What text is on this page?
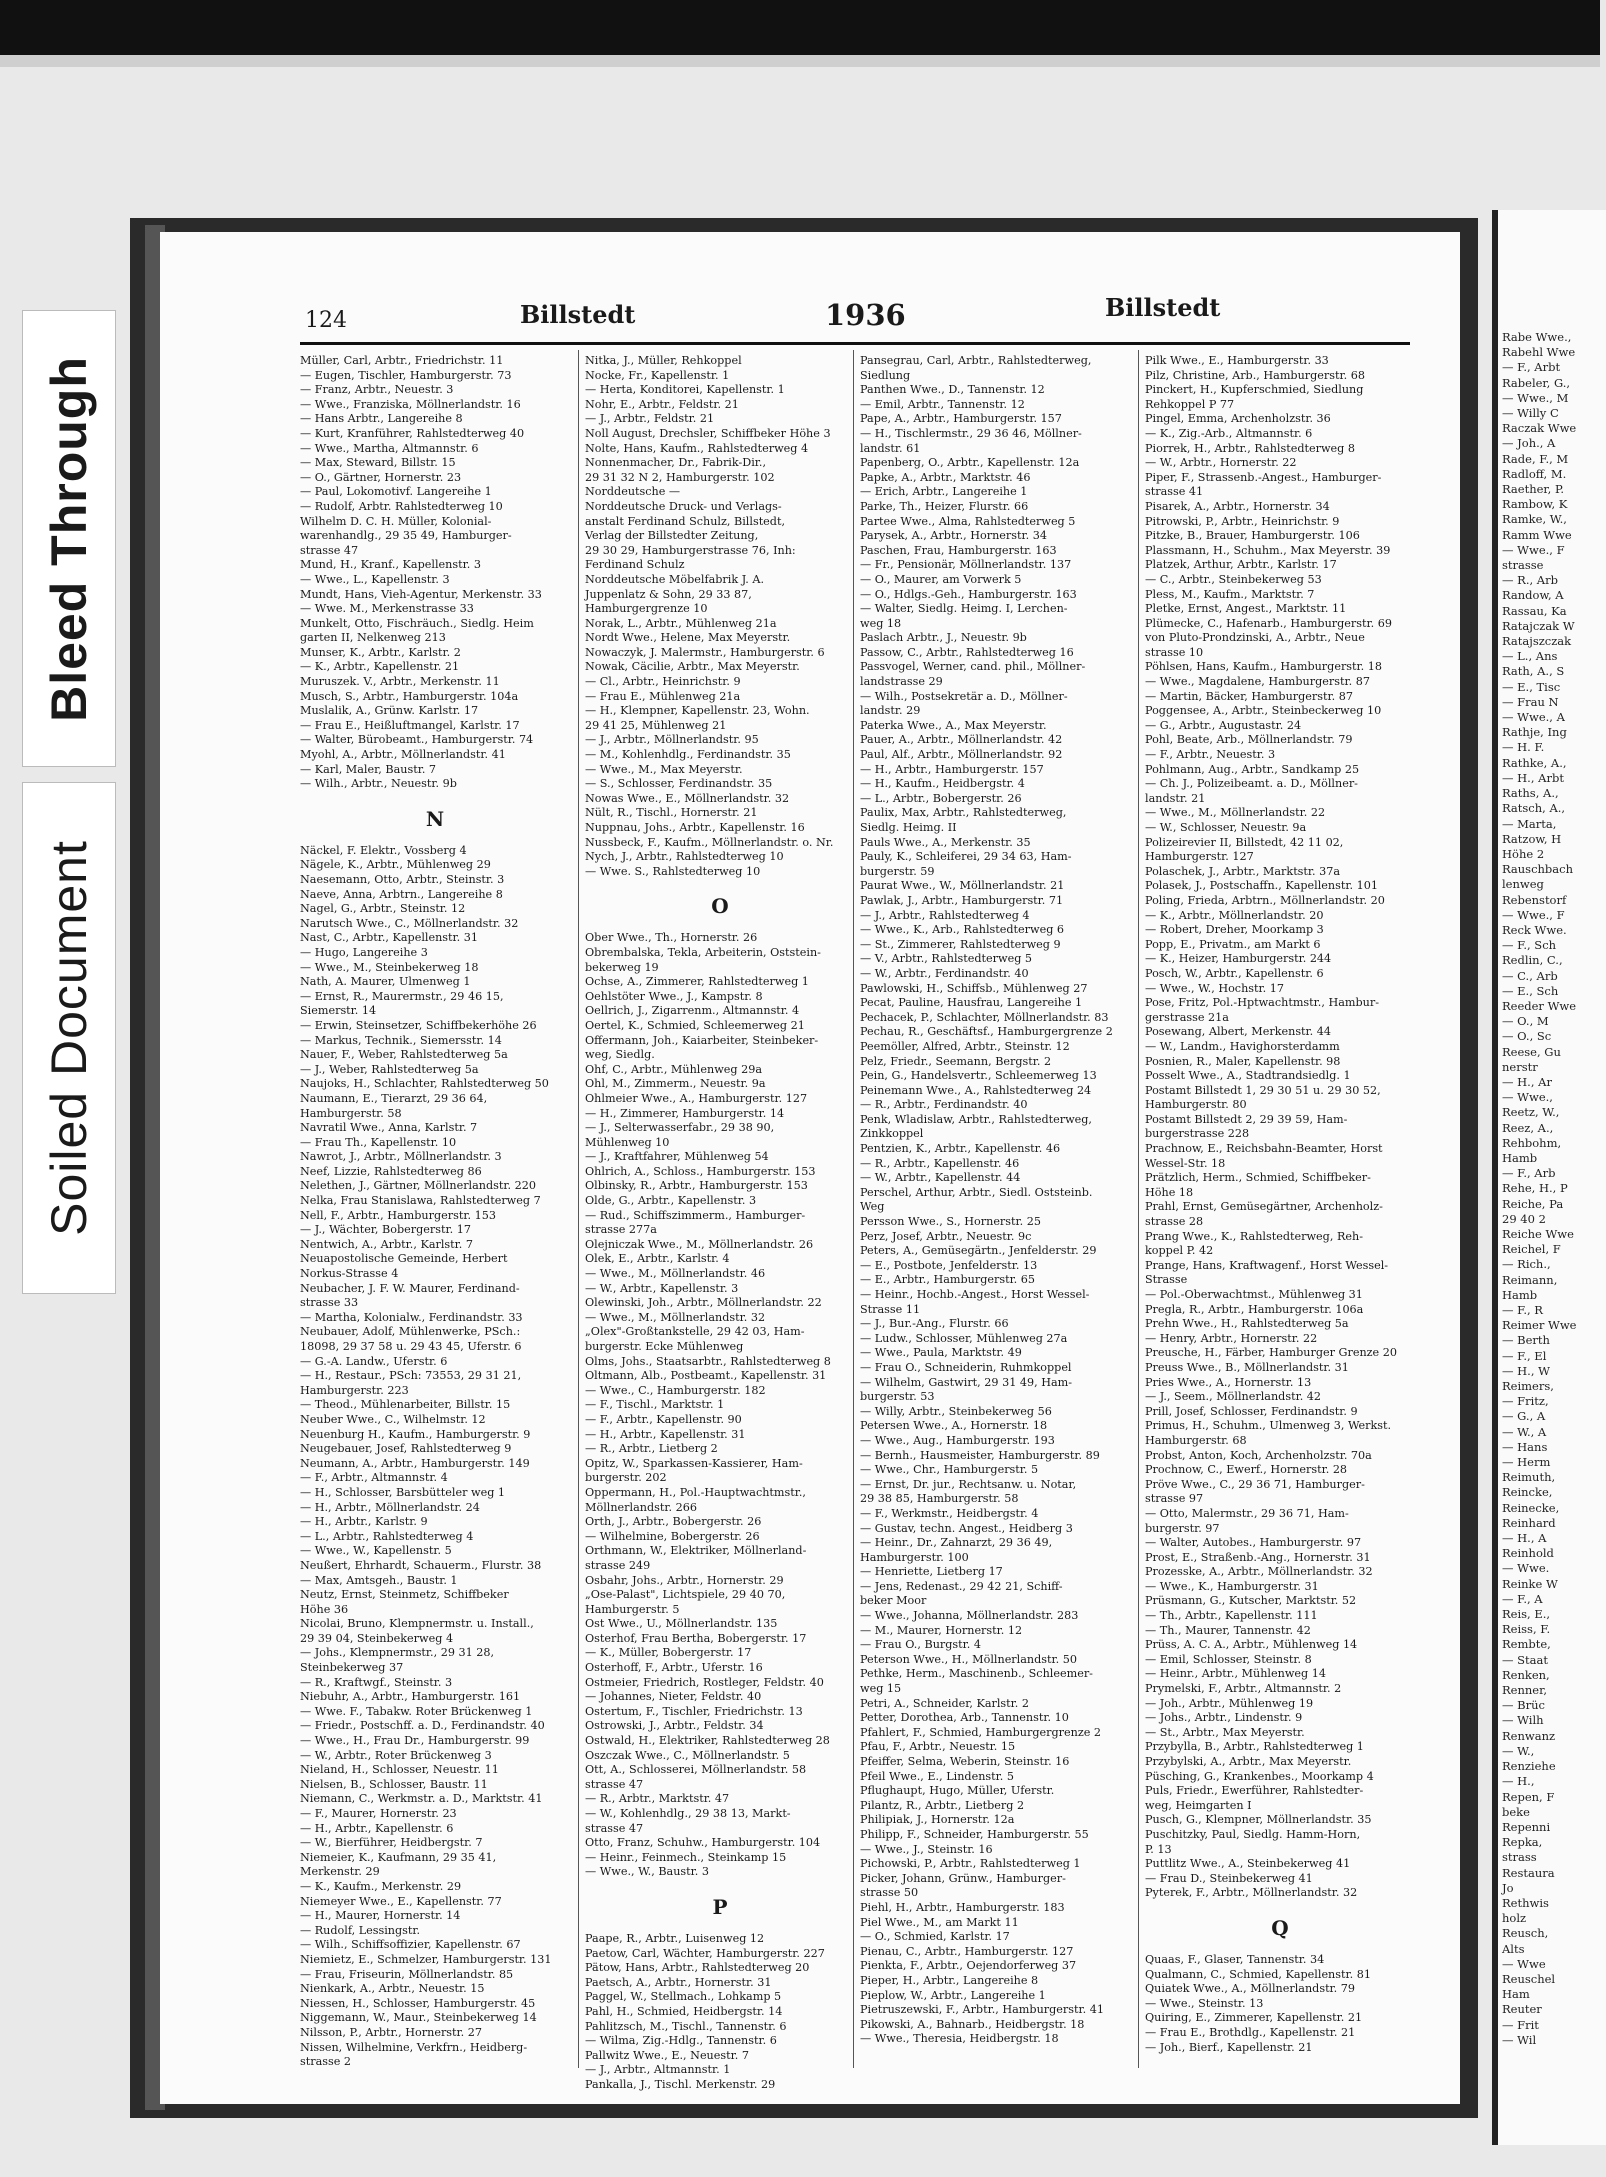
Bleed Through
Soiled Document
124	Billstedt	1936	Billstedt
Müller, Carl, Arbtr., Friedrichstr. 11
— Eugen, Tischler, Hamburgerstr. 73
— Franz, Arbtr., Neuestr. 3
— Wwe., Franziska, Möllnerlandstr. 16
— Hans Arbtr., Langereihe 8
— Kurt, Kranführer, Rahlstedterweg 40
— Wwe., Martha, Altmannstr. 6
— Max, Steward, Billstr. 15
— O., Gärtner, Hornerstr. 23
— Paul, Lokomotivf. Langereihe 1
— Rudolf, Arbtr. Rahlstedterweg 10
Wilhelm D. C. H. Müller, Kolonial-
warenhandlg., 29 35 49, Hamburger-
strasse 47
Mund, H., Kranf., Kapellenstr. 3
— Wwe., L., Kapellenstr. 3
Mundt, Hans, Vieh-Agentur, Merkenstr. 33
— Wwe. M., Merkenstrasse 33
Munkelt, Otto, Fischräuch., Siedlg. Heim
garten II, Nelkenweg 213
Munser, K., Arbtr., Karlstr. 2
— K., Arbtr., Kapellenstr. 21
Muruszek. V., Arbtr., Merkenstr. 11
Musch, S., Arbtr., Hamburgerstr. 104a
Muslalik, A., Grünw. Karlstr. 17
— Frau E., Heißluftmangel, Karlstr. 17
— Walter, Bürobeamt., Hamburgerstr. 74
Myohl, A., Arbtr., Möllnerlandstr. 41
— Karl, Maler, Baustr. 7
— Wilh., Arbtr., Neuestr. 9b
N
Näckel, F. Elektr., Vossberg 4
Nägele, K., Arbtr., Mühlenweg 29
Naesemann, Otto, Arbtr., Steinstr. 3
Naeve, Anna, Arbtrn., Langereihe 8
Nagel, G., Arbtr., Steinstr. 12
Narutsch Wwe., C., Möllnerlandstr. 32
Nast, C., Arbtr., Kapellenstr. 31
— Hugo, Langereihe 3
— Wwe., M., Steinbekerweg 18
Nath, A. Maurer, Ulmenweg 1
— Ernst, R., Maurermstr., 29 46 15,
Siemerstr. 14
— Erwin, Steinsetzer, Schiffbekerhöhe 26
— Markus, Technik., Siemersstr. 14
Nauer, F., Weber, Rahlstedterweg 5a
— J., Weber, Rahlstedterweg 5a
Naujoks, H., Schlachter, Rahlstedterweg 50
Naumann, E., Tierarzt, 29 36 64,
Hamburgerstr. 58
Navratil Wwe., Anna, Karlstr. 7
— Frau Th., Kapellenstr. 10
Nawrot, J., Arbtr., Möllnerlandstr. 3
Neef, Lizzie, Rahlstedterweg 86
Nelethen, J., Gärtner, Möllnerlandstr. 220
Nelka, Frau Stanislawa, Rahlstedterweg 7
Nell, F., Arbtr., Hamburgerstr. 153
— J., Wächter, Bobergerstr. 17
Nentwich, A., Arbtr., Karlstr. 7
Neuapostolische Gemeinde, Herbert
Norkus-Strasse 4
Neubacher, J. F. W. Maurer, Ferdinand-
strasse 33
— Martha, Kolonialw., Ferdinandstr. 33
Neubauer, Adolf, Mühlenwerke, PSch.:
18098, 29 37 58 u. 29 43 45, Uferstr. 6
— G.-A. Landw., Uferstr. 6
— H., Restaur., PSch: 73553, 29 31 21,
Hamburgerstr. 223
— Theod., Mühlenarbeiter, Billstr. 15
Neuber Wwe., C., Wilhelmstr. 12
Neuenburg H., Kaufm., Hamburgerstr. 9
Neugebauer, Josef, Rahlstedterweg 9
Neumann, A., Arbtr., Hamburgerstr. 149
— F., Arbtr., Altmannstr. 4
— H., Schlosser, Barsbütteler weg 1
— H., Arbtr., Möllnerlandstr. 24
— H., Arbtr., Karlstr. 9
— L., Arbtr., Rahlstedterweg 4
— Wwe., W., Kapellenstr. 5
Neußert, Ehrhardt, Schauerm., Flurstr. 38
— Max, Amtsgeh., Baustr. 1
Neutz, Ernst, Steinmetz, Schiffbeker
Höhe 36
Nicolai, Bruno, Klempnermstr. u. Install.,
29 39 04, Steinbekerweg 4
— Johs., Klempnermstr., 29 31 28,
Steinbekerweg 37
— R., Kraftwgf., Steinstr. 3
Niebuhr, A., Arbtr., Hamburgerstr. 161
— Wwe. F., Tabakw. Roter Brückenweg 1
— Friedr., Postschff. a. D., Ferdinandstr. 40
— Wwe., H., Frau Dr., Hamburgerstr. 99
— W., Arbtr., Roter Brückenweg 3
Nieland, H., Schlosser, Neuestr. 11
Nielsen, B., Schlosser, Baustr. 11
Niemann, C., Werkmstr. a. D., Marktstr. 41
— F., Maurer, Hornerstr. 23
— H., Arbtr., Kapellenstr. 6
— W., Bierführer, Heidbergstr. 7
Niemeier, K., Kaufmann, 29 35 41,
Merkenstr. 29
— K., Kaufm., Merkenstr. 29
Niemeyer Wwe., E., Kapellenstr. 77
— H., Maurer, Hornerstr. 14
— Rudolf, Lessingstr.
— Wilh., Schiffsoffizier, Kapellenstr. 67
Niemietz, E., Schmelzer, Hamburgerstr. 131
— Frau, Friseurin, Möllnerlandstr. 85
Nienkark, A., Arbtr., Neuestr. 15
Niessen, H., Schlosser, Hamburgerstr. 45
Niggemann, W., Maur., Steinbekerweg 14
Nilsson, P., Arbtr., Hornerstr. 27
Nissen, Wilhelmine, Verkfrn., Heidberg-
strasse 2
Nitka, J., Müller, Rehkoppel
Nocke, Fr., Kapellenstr. 1
— Herta, Konditorei, Kapellenstr. 1
Nohr, E., Arbtr., Feldstr. 21
— J., Arbtr., Feldstr. 21
Noll August, Drechsler, Schiffbeker Höhe 3
Nolte, Hans, Kaufm., Rahlstedterweg 4
Nonnenmacher, Dr., Fabrik-Dir.,
29 31 32 N 2, Hamburgerstr. 102
Norddeutsche —
Norddeutsche Druck- und Verlags-
anstalt Ferdinand Schulz, Billstedt,
Verlag der Billstedter Zeitung,
29 30 29, Hamburgerstrasse 76, Inh:
Ferdinand Schulz
Norddeutsche Möbelfabrik J. A.
Juppenlatz & Sohn, 29 33 87,
Hamburgergrenze 10
Norak, L., Arbtr., Mühlenweg 21a
Nordt Wwe., Helene, Max Meyerstr.
Nowaczyk, J. Malermstr., Hamburgerstr. 6
Nowak, Cäcilie, Arbtr., Max Meyerstr.
— Cl., Arbtr., Heinrichstr. 9
— Frau E., Mühlenweg 21a
— H., Klempner, Kapellenstr. 23, Wohn.
29 41 25, Mühlenweg 21
— J., Arbtr., Möllnerlandstr. 95
— M., Kohlenhdlg., Ferdinandstr. 35
— Wwe., M., Max Meyerstr.
— S., Schlosser, Ferdinandstr. 35
Nowas Wwe., E., Möllnerlandstr. 32
Nült, R., Tischl., Hornerstr. 21
Nuppnau, Johs., Arbtr., Kapellenstr. 16
Nussbeck, F., Kaufm., Möllnerlandstr. o. Nr.
Nych, J., Arbtr., Rahlstedterweg 10
— Wwe. S., Rahlstedterweg 10
O
Ober Wwe., Th., Hornerstr. 26
Obrembalska, Tekla, Arbeiterin, Oststein-
bekerweg 19
Ochse, A., Zimmerer, Rahlstedterweg 1
Oehlstöter Wwe., J., Kampstr. 8
Oellrich, J., Zigarrenm., Altmannstr. 4
Oertel, K., Schmied, Schleemerweg 21
Offermann, Joh., Kaiarbeiter, Steinbeker-
weg, Siedlg.
Ohf, C., Arbtr., Mühlenweg 29a
Ohl, M., Zimmerm., Neuestr. 9a
Ohlmeier Wwe., A., Hamburgerstr. 127
— H., Zimmerer, Hamburgerstr. 14
— J., Selterwasserfabr., 29 38 90,
Mühlenweg 10
— J., Kraftfahrer, Mühlenweg 54
Ohlrich, A., Schloss., Hamburgerstr. 153
Olbinsky, R., Arbtr., Hamburgerstr. 153
Olde, G., Arbtr., Kapellenstr. 3
— Rud., Schiffszimmerm., Hamburger-
strasse 277a
Olejniczak Wwe., M., Möllnerlandstr. 26
Olek, E., Arbtr., Karlstr. 4
— Wwe., M., Möllnerlandstr. 46
— W., Arbtr., Kapellenstr. 3
Olewinski, Joh., Arbtr., Möllnerlandstr. 22
— Wwe., M., Möllnerlandstr. 32
„Olex"-Großtankstelle, 29 42 03, Ham-
burgerstr. Ecke Mühlenweg
Olms, Johs., Staatsarbtr., Rahlstedterweg 8
Oltmann, Alb., Postbeamt., Kapellenstr. 31
— Wwe., C., Hamburgerstr. 182
— F., Tischl., Marktstr. 1
— F., Arbtr., Kapellenstr. 90
— H., Arbtr., Kapellenstr. 31
— R., Arbtr., Lietberg 2
Opitz, W., Sparkassen-Kassierer, Ham-
burgerstr. 202
Oppermann, H., Pol.-Hauptwachtmstr.,
Möllnerlandstr. 266
Orth, J., Arbtr., Bobergerstr. 26
— Wilhelmine, Bobergerstr. 26
Orthmann, W., Elektriker, Möllnerland-
strasse 249
Osbahr, Johs., Arbtr., Hornerstr. 29
„Ose-Palast", Lichtspiele, 29 40 70,
Hamburgerstr. 5
Ost Wwe., U., Möllnerlandstr. 135
Osterhof, Frau Bertha, Bobergerstr. 17
— K., Müller, Bobergerstr. 17
Osterhoff, F., Arbtr., Uferstr. 16
Ostmeier, Friedrich, Rostleger, Feldstr. 40
— Johannes, Nieter, Feldstr. 40
Ostertum, F., Tischler, Friedrichstr. 13
Ostrowski, J., Arbtr., Feldstr. 34
Ostwald, H., Elektriker, Rahlstedterweg 28
Oszczak Wwe., C., Möllnerlandstr. 5
Ott, A., Schlosserei, Möllnerlandstr. 58
strasse 47
— R., Arbtr., Marktstr. 47
— W., Kohlenhdlg., 29 38 13, Markt-
strasse 47
Otto, Franz, Schuhw., Hamburgerstr. 104
— Heinr., Feinmech., Steinkamp 15
— Wwe., W., Baustr. 3
P
Paape, R., Arbtr., Luisenweg 12
Paetow, Carl, Wächter, Hamburgerstr. 227
Pätow, Hans, Arbtr., Rahlstedterweg 20
Paetsch, A., Arbtr., Hornerstr. 31
Paggel, W., Stellmach., Lohkamp 5
Pahl, H., Schmied, Heidbergstr. 14
Pahlitzsch, M., Tischl., Tannenstr. 6
— Wilma, Zig.-Hdlg., Tannenstr. 6
Pallwitz Wwe., E., Neuestr. 7
— J., Arbtr., Altmannstr. 1
Pankalla, J., Tischl. Merkenstr. 29
Pansegrau, Carl, Arbtr., Rahlstedterweg,
Siedlung
Panthen Wwe., D., Tannenstr. 12
— Emil, Arbtr., Tannenstr. 12
Pape, A., Arbtr., Hamburgerstr. 157
— H., Tischlermstr., 29 36 46, Möllner-
landstr. 61
Papenberg, O., Arbtr., Kapellenstr. 12a
Papke, A., Arbtr., Marktstr. 46
— Erich, Arbtr., Langereihe 1
Parke, Th., Heizer, Flurstr. 66
Partee Wwe., Alma, Rahlstedterweg 5
Parysek, A., Arbtr., Hornerstr. 34
Paschen, Frau, Hamburgerstr. 163
— Fr., Pensionär, Möllnerlandstr. 137
— O., Maurer, am Vorwerk 5
— O., Hdlgs.-Geh., Hamburgerstr. 163
— Walter, Siedlg. Heimg. I, Lerchen-
weg 18
Paslach Arbtr., J., Neuestr. 9b
Passow, C., Arbtr., Rahlstedterweg 16
Passvogel, Werner, cand. phil., Möllner-
landstrasse 29
— Wilh., Postsekretär a. D., Möllner-
landstr. 29
Paterka Wwe., A., Max Meyerstr.
Pauer, A., Arbtr., Möllnerlandstr. 42
Paul, Alf., Arbtr., Möllnerlandstr. 92
— H., Arbtr., Hamburgerstr. 157
— H., Kaufm., Heidbergstr. 4
— L., Arbtr., Bobergerstr. 26
Paulix, Max, Arbtr., Rahlstedterweg,
Siedlg. Heimg. II
Pauls Wwe., A., Merkenstr. 35
Pauly, K., Schleiferei, 29 34 63, Ham-
burgerstr. 59
Paurat Wwe., W., Möllnerlandstr. 21
Pawlak, J., Arbtr., Hamburgerstr. 71
— J., Arbtr., Rahlstedterweg 4
— Wwe., K., Arb., Rahlstedterweg 6
— St., Zimmerer, Rahlstedterweg 9
— V., Arbtr., Rahlstedterweg 5
— W., Arbtr., Ferdinandstr. 40
Pawlowski, H., Schiffsb., Mühlenweg 27
Pecat, Pauline, Hausfrau, Langereihe 1
Pechacek, P., Schlachter, Möllnerlandstr. 83
Pechau, R., Geschäftsf., Hamburgergrenze 2
Peemöller, Alfred, Arbtr., Steinstr. 12
Pelz, Friedr., Seemann, Bergstr. 2
Pein, G., Handelsvertr., Schleemerweg 13
Peinemann Wwe., A., Rahlstedterweg 24
— R., Arbtr., Ferdinandstr. 40
Penk, Wladislaw, Arbtr., Rahlstedterweg,
Zinkkoppel
Pentzien, K., Arbtr., Kapellenstr. 46
— R., Arbtr., Kapellenstr. 46
— W., Arbtr., Kapellenstr. 44
Perschel, Arthur, Arbtr., Siedl. Oststeinb.
Weg
Persson Wwe., S., Hornerstr. 25
Perz, Josef, Arbtr., Neuestr. 9c
Peters, A., Gemüsegärtn., Jenfelderstr. 29
— E., Postbote, Jenfelderstr. 13
— E., Arbtr., Hamburgerstr. 65
— Heinr., Hochb.-Angest., Horst Wessel-
Strasse 11
— J., Bur.-Ang., Flurstr. 66
— Ludw., Schlosser, Mühlenweg 27a
— Wwe., Paula, Marktstr. 49
— Frau O., Schneiderin, Ruhmkoppel
— Wilhelm, Gastwirt, 29 31 49, Ham-
burgerstr. 53
— Willy, Arbtr., Steinbekerweg 56
Petersen Wwe., A., Hornerstr. 18
— Wwe., Aug., Hamburgerstr. 193
— Bernh., Hausmeister, Hamburgerstr. 89
— Wwe., Chr., Hamburgerstr. 5
— Ernst, Dr. jur., Rechtsanw. u. Notar,
29 38 85, Hamburgerstr. 58
— F., Werkmstr., Heidbergstr. 4
— Gustav, techn. Angest., Heidberg 3
— Heinr., Dr., Zahnarzt, 29 36 49,
Hamburgerstr. 100
— Henriette, Lietberg 17
— Jens, Redenast., 29 42 21, Schiff-
beker Moor
— Wwe., Johanna, Möllnerlandstr. 283
— M., Maurer, Hornerstr. 12
— Frau O., Burgstr. 4
Peterson Wwe., H., Möllnerlandstr. 50
Pethke, Herm., Maschinenb., Schleemer-
weg 15
Petri, A., Schneider, Karlstr. 2
Petter, Dorothea, Arb., Tannenstr. 10
Pfahlert, F., Schmied, Hamburgergrenze 2
Pfau, F., Arbtr., Neuestr. 15
Pfeiffer, Selma, Weberin, Steinstr. 16
Pfeil Wwe., E., Lindenstr. 5
Pflughaupt, Hugo, Müller, Uferstr.
Pilantz, R., Arbtr., Lietberg 2
Philipiak, J., Hornerstr. 12a
Philipp, F., Schneider, Hamburgerstr. 55
— Wwe., J., Steinstr. 16
Pichowski, P., Arbtr., Rahlstedterweg 1
Picker, Johann, Grünw., Hamburger-
strasse 50
Piehl, H., Arbtr., Hamburgerstr. 183
Piel Wwe., M., am Markt 11
— O., Schmied, Karlstr. 17
Pienau, C., Arbtr., Hamburgerstr. 127
Pienkta, F., Arbtr., Oejendorferweg 37
Pieper, H., Arbtr., Langereihe 8
Pieplow, W., Arbtr., Langereihe 1
Pietruszewski, F., Arbtr., Hamburgerstr. 41
Pikowski, A., Bahnarb., Heidbergstr. 18
— Wwe., Theresia, Heidbergstr. 18
Pilk Wwe., E., Hamburgerstr. 33
Pilz, Christine, Arb., Hamburgerstr. 68
Pinckert, H., Kupferschmied, Siedlung
Rehkoppel P 77
Pingel, Emma, Archenholzstr. 36
— K., Zig.-Arb., Altmannstr. 6
Piorrek, H., Arbtr., Rahlstedterweg 8
— W., Arbtr., Hornerstr. 22
Piper, F., Strassenb.-Angest., Hamburger-
strasse 41
Pisarek, A., Arbtr., Hornerstr. 34
Pitrowski, P., Arbtr., Heinrichstr. 9
Pitzke, B., Brauer, Hamburgerstr. 106
Plassmann, H., Schuhm., Max Meyerstr. 39
Platzek, Arthur, Arbtr., Karlstr. 17
— C., Arbtr., Steinbekerweg 53
Pless, M., Kaufm., Marktstr. 7
Pletke, Ernst, Angest., Marktstr. 11
Plümecke, C., Hafenarb., Hamburgerstr. 69
von Pluto-Prondzinski, A., Arbtr., Neue
strasse 10
Pöhlsen, Hans, Kaufm., Hamburgerstr. 18
— Wwe., Magdalene, Hamburgerstr. 87
— Martin, Bäcker, Hamburgerstr. 87
Poggensee, A., Arbtr., Steinbeckerweg 10
— G., Arbtr., Augustastr. 24
Pohl, Beate, Arb., Möllnerlandstr. 79
— F., Arbtr., Neuestr. 3
Pohlmann, Aug., Arbtr., Sandkamp 25
— Ch. J., Polizeibeamt. a. D., Möllner-
landstr. 21
— Wwe., M., Möllnerlandstr. 22
— W., Schlosser, Neuestr. 9a
Polizeirevier II, Billstedt, 42 11 02,
Hamburgerstr. 127
Polaschek, J., Arbtr., Marktstr. 37a
Polasek, J., Postschaffn., Kapellenstr. 101
Poling, Frieda, Arbtrn., Möllnerlandstr. 20
— K., Arbtr., Möllnerlandstr. 20
— Robert, Dreher, Moorkamp 3
Popp, E., Privatm., am Markt 6
— K., Heizer, Hamburgerstr. 244
Posch, W., Arbtr., Kapellenstr. 6
— Wwe., W., Hochstr. 17
Pose, Fritz, Pol.-Hptwachtmstr., Hambur-
gerstrasse 21a
Posewang, Albert, Merkenstr. 44
— W., Landm., Havighorsterdamm
Posnien, R., Maler, Kapellenstr. 98
Posselt Wwe., A., Stadtrandsiedlg. 1
Postamt Billstedt 1, 29 30 51 u. 29 30 52,
Hamburgerstr. 80
Postamt Billstedt 2, 29 39 59, Ham-
burgerstrasse 228
Prachnow, E., Reichsbahn-Beamter, Horst
Wessel-Str. 18
Prätzlich, Herm., Schmied, Schiffbeker-
Höhe 18
Prahl, Ernst, Gemüsegärtner, Archenholz-
strasse 28
Prang Wwe., K., Rahlstedterweg, Reh-
koppel P. 42
Prange, Hans, Kraftwagenf., Horst Wessel-
Strasse
— Pol.-Oberwachtmst., Mühlenweg 31
Pregla, R., Arbtr., Hamburgerstr. 106a
Prehn Wwe., H., Rahlstedterweg 5a
— Henry, Arbtr., Hornerstr. 22
Preusche, H., Färber, Hamburger Grenze 20
Preuss Wwe., B., Möllnerlandstr. 31
Pries Wwe., A., Hornerstr. 13
— J., Seem., Möllnerlandstr. 42
Prill, Josef, Schlosser, Ferdinandstr. 9
Primus, H., Schuhm., Ulmenweg 3, Werkst.
Hamburgerstr. 68
Probst, Anton, Koch, Archenholzstr. 70a
Prochnow, C., Ewerf., Hornerstr. 28
Pröve Wwe., C., 29 36 71, Hamburger-
strasse 97
— Otto, Malermstr., 29 36 71, Ham-
burgerstr. 97
— Walter, Autobes., Hamburgerstr. 97
Prost, E., Straßenb.-Ang., Hornerstr. 31
Prozesske, A., Arbtr., Möllnerlandstr. 32
— Wwe., K., Hamburgerstr. 31
Prüsmann, G., Kutscher, Marktstr. 52
— Th., Arbtr., Kapellenstr. 111
— Th., Maurer, Tannenstr. 42
Prüss, A. C. A., Arbtr., Mühlenweg 14
— Emil, Schlosser, Steinstr. 8
— Heinr., Arbtr., Mühlenweg 14
Prymelski, F., Arbtr., Altmannstr. 2
— Joh., Arbtr., Mühlenweg 19
— Johs., Arbtr., Lindenstr. 9
— St., Arbtr., Max Meyerstr.
Przybylla, B., Arbtr., Rahlstedterweg 1
Przybylski, A., Arbtr., Max Meyerstr.
Püsching, G., Krankenbes., Moorkamp 4
Puls, Friedr., Ewerführer, Rahlstedter-
weg, Heimgarten I
Pusch, G., Klempner, Möllnerlandstr. 35
Puschitzky, Paul, Siedlg. Hamm-Horn,
P. 13
Puttlitz Wwe., A., Steinbekerweg 41
— Frau D., Steinbekerweg 41
Pyterek, F., Arbtr., Möllnerlandstr. 32
Q
Quaas, F., Glaser, Tannenstr. 34
Qualmann, C., Schmied, Kapellenstr. 81
Quiatek Wwe., A., Möllnerlandstr. 79
— Wwe., Steinstr. 13
Quiring, E., Zimmerer, Kapellenstr. 21
— Frau E., Brothdlg., Kapellenstr. 21
— Joh., Bierf., Kapellenstr. 21
Rabe Wwe.,
Rabehl Wwe
— F., Arbt
Rabeler, G.,
— Wwe., M
— Willy C
Raczak Wwe
— Joh., A
Rade, F., M
Radloff, M.
Raether, P.
Rambow, K
Ramke, W.,
Ramm Wwe
— Wwe., F
strasse
— R., Arb
Randow, A
Rassau, Ka
Ratajczak W
Ratajszczak
— L., Ans
Rath, A., S
— E., Tisc
— Frau N
— Wwe., A
Rathje, Ing
— H. F.
Rathke, A.,
— H., Arbt
Raths, A.,
Ratsch, A.,
— Marta,
Ratzow, H
Höhe 2
Rauschbach
lenweg
Rebenstorf
— Wwe., F
Reck Wwe.
— F., Sch
Redlin, C.,
— C., Arb
— E., Sch
Reeder Wwe
— O., M
— O., Sc
Reese, Gu
nerstr
— H., Ar
— Wwe.,
Reetz, W.,
Reez, A.,
Rehbohm,
Hamb
— F., Arb
Rehe, H., P
Reiche, Pa
29 40 2
Reiche Wwe
Reichel, F
— Rich.,
Reimann,
Hamb
— F., R
Reimer Wwe
— Berth
— F., El
— H., W
Reimers,
— Fritz,
— G., A
— W., A
— Hans
— Herm
Reimuth,
Reincke,
Reinecke,
Reinhard
— H., A
Reinhold
— Wwe.
Reinke W
— F., A
Reis, E.,
Reiss, F.
Rembte,
— Staat
Renken,
Renner,
— Brüc
— Wilh
Renwanz
— W.,
Renziehe
— H.,
Repen, F
beke
Repenni
Repka,
strass
Restaura
Jo
Rethwis
holz
Reusch,
Alts
— Wwe
Reuschel
Ham
Reuter
— Frit
— Wil
